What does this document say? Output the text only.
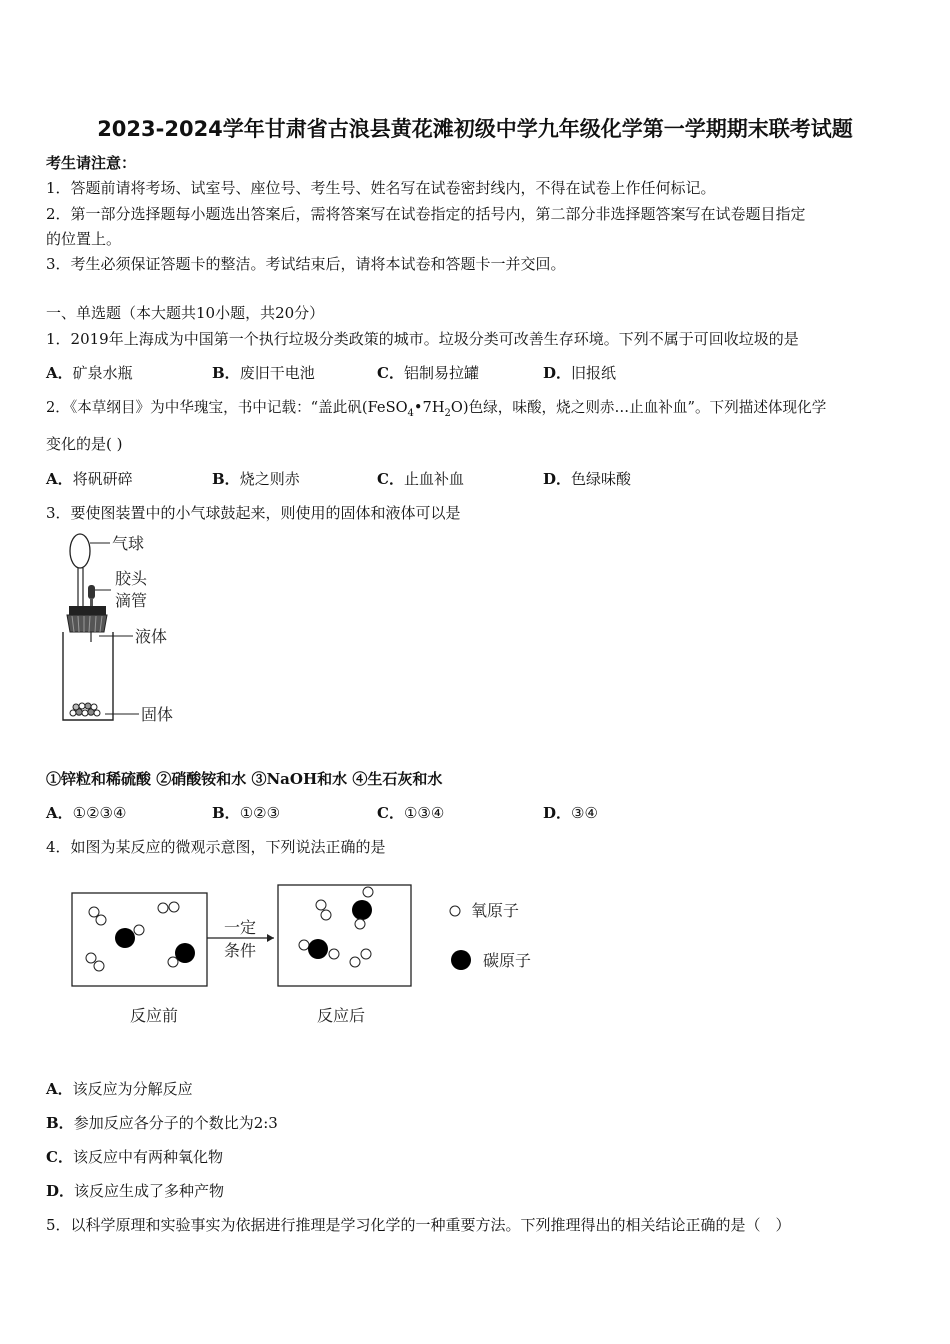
2023-2024学年甘肃省古浪县黄花滩初级中学九年级化学第一学期期末联考试题
考生请注意：
1．答题前请将考场、试室号、座位号、考生号、姓名写在试卷密封线内，不得在试卷上作任何标记。
2．第一部分选择题每小题选出答案后，需将答案写在试卷指定的括号内，第二部分非选择题答案写在试卷题目指定
的位置上。
3．考生必须保证答题卡的整洁。考试结束后，请将本试卷和答题卡一并交回。
一、单选题（本大题共10小题，共20分）
1．2019年上海成为中国第一个执行垃圾分类政策的城市。垃圾分类可改善生存环境。下列不属于可回收垃圾的是
A．矿泉水瓶	B．废旧干电池	C．铝制易拉罐	D．旧报纸
2．《本草纲目》为中华瑰宝，书中记载：“盖此矾$(FeSO_4•7H_2O)$色绿，味酸，烧之则赤…止血补血”。下列描述体现化学
变化的是( )
A．将矾研碎	B．烧之则赤	C．止血补血	D．色绿味酸
3．要使图装置中的小气球鼓起来，则使用的固体和液体可以是
气球
胶头
滴管
液体
固体
①锌粒和稀硫酸 ②硝酸铵和水 ③NaOH和水 ④生石灰和水
A．①②③④	B．①②③	C．①③④	D．③④
4．如图为某反应的微观示意图，下列说法正确的是
一定
条件
氧原子
碳原子
反应前	反应后
A．该反应为分解反应
B．参加反应各分子的个数比为2:3
C．该反应中有两种氧化物
D．该反应生成了多种产物
5．以科学原理和实验事实为依据进行推理是学习化学的一种重要方法。下列推理得出的相关结论正确的是（　）
